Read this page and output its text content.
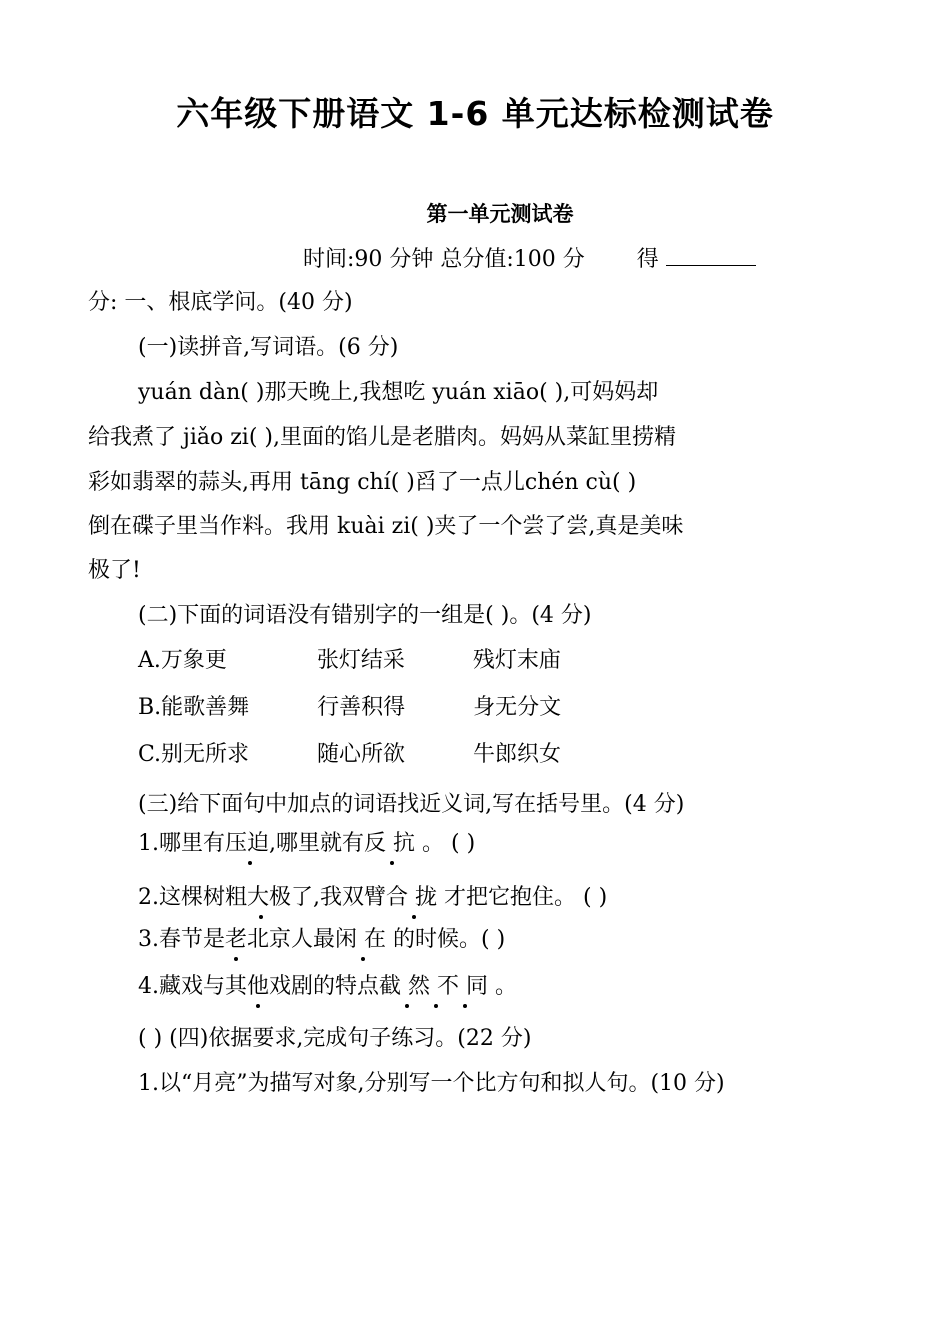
六年级下册语文 1-6 单元达标检测试卷
第一单元测试卷
时间:90 分钟 总分值:100 分 得
分: 一、根底学问。(40 分)
(一)读拼音,写词语。(6 分)
yuán dàn( )那天晚上,我想吃 yuán xiāo( ),可妈妈却
给我煮了 jiǎo zi( ),里面的馅儿是老腊肉。妈妈从菜缸里捞精
彩如翡翠的蒜头,再用 tāng chí( )舀了一点儿chén cù( )
倒在碟子里当作料。我用 kuài zi( )夹了一个尝了尝,真是美味
极了!
(二)下面的词语没有错别字的一组是( )。(4 分)
A.万象更	张灯结采	残灯末庙
B.能歌善舞	行善积得	身无分文
C.别无所求	随心所欲	牛郎织女
(三)给下面句中加点的词语找近义词,写在括号里。(4 分)
1.哪里有压迫,哪里就有反 抗 。 ( )
2.这棵树粗大极了,我双臂合 拢 才把它抱住。 ( )
3.春节是老北京人最闲 在 的时候。( )
4.藏戏与其他戏剧的特点截 然 不 同 。
( ) (四)依据要求,完成句子练习。(22 分)
1.以“月亮”为描写对象,分别写一个比方句和拟人句。(10 分)
